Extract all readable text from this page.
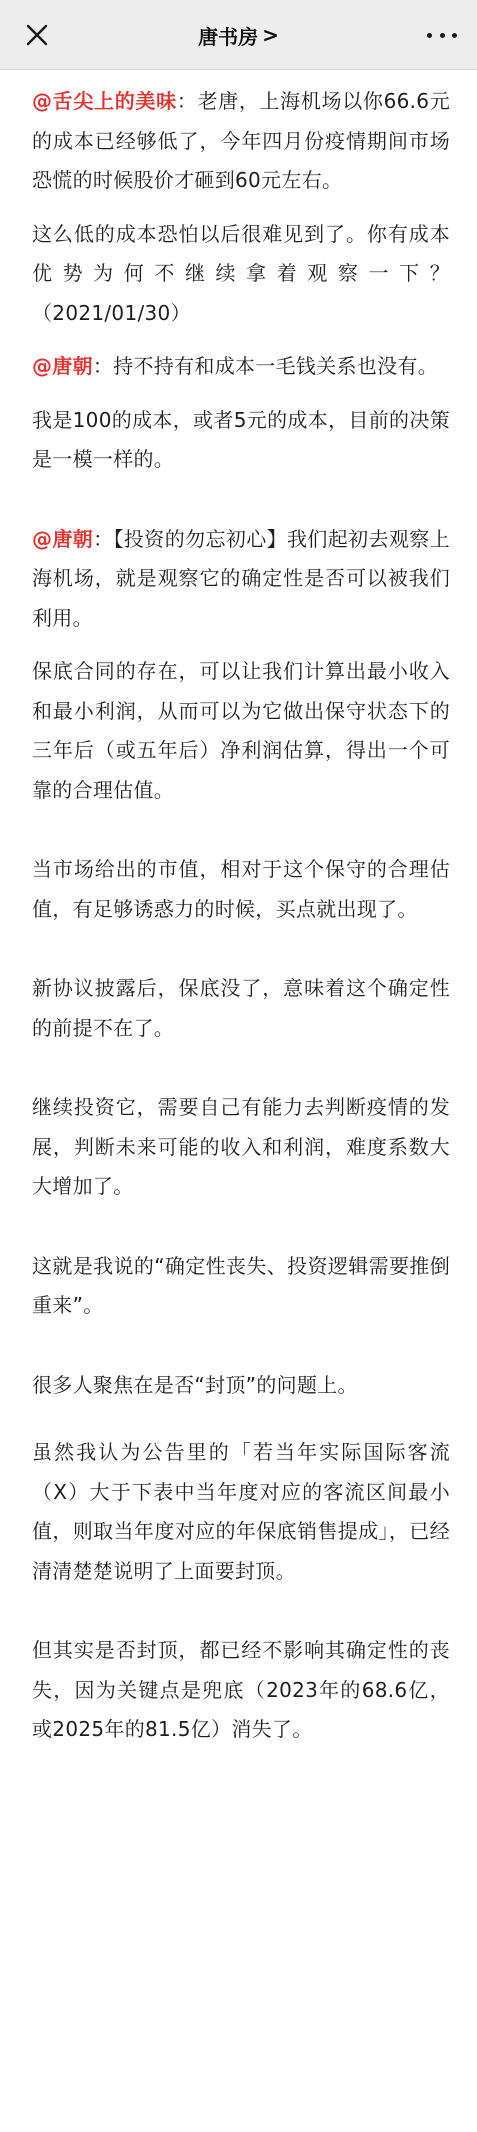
唐书房 >

@舌尖上的美味：老唐，上海机场以你66.6元的成本已经够低了，今年四月份疫情期间市场恐慌的时候股价才砸到60元左右。

这么低的成本恐怕以后很难见到了。你有成本优势为何不继续拿着观察一下？（2021/01/30）

@唐朝：持不持有和成本一毛钱关系也没有。

我是100的成本，或者5元的成本，目前的决策是一模一样的。

@唐朝：【投资的勿忘初心】我们起初去观察上海机场，就是观察它的确定性是否可以被我们利用。

保底合同的存在，可以让我们计算出最小收入和最小利润，从而可以为它做出保守状态下的三年后（或五年后）净利润估算，得出一个可靠的合理估值。

当市场给出的市值，相对于这个保守的合理估值，有足够诱惑力的时候，买点就出现了。

新协议披露后，保底没了，意味着这个确定性的前提不在了。

继续投资它，需要自己有能力去判断疫情的发展，判断未来可能的收入和利润，难度系数大大增加了。

这就是我说的“确定性丧失、投资逻辑需要推倒重来”。

很多人聚焦在是否“封顶”的问题上。

虽然我认为公告里的「若当年实际国际客流（X）大于下表中当年度对应的客流区间最小值，则取当年度对应的年保底销售提成」，已经清清楚楚说明了上面要封顶。

但其实是否封顶，都已经不影响其确定性的丧失，因为关键点是兜底（2023年的68.6亿，或2025年的81.5亿）消失了。
